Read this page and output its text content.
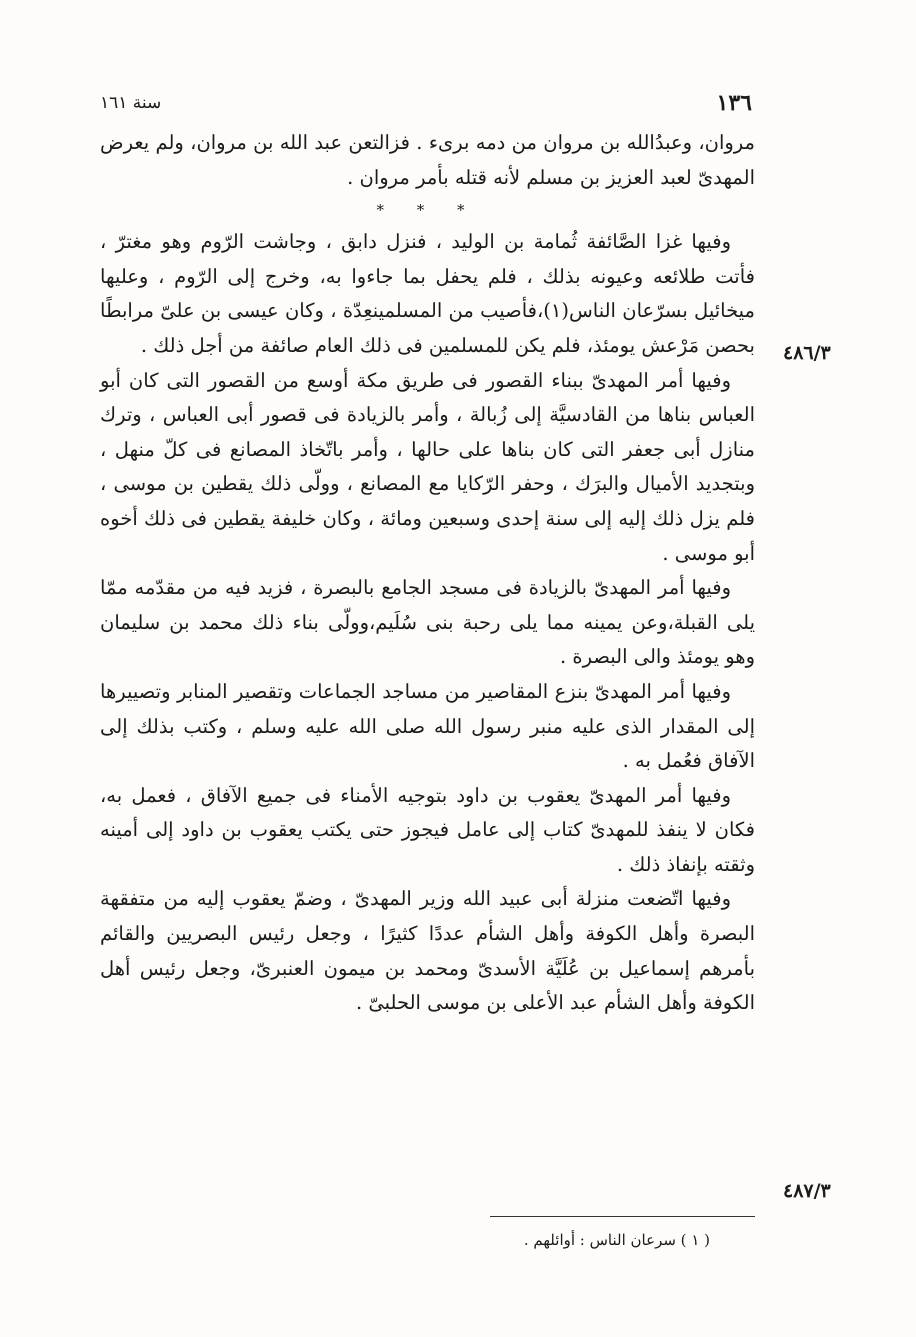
١٣٦
سنة ١٦١

مروان، وعبدُالله بن مروان من دمه برىء . فزالتعن عبد الله بن مروان، ولم يعرض المهدىّ لعبد العزيز بن مسلم لأنه قتله بأمر مروان .

* * *

وفيها غزا الصَّائفة ثُمامة بن الوليد ، فنزل دابق ، وجاشت الرّوم وهو مغترّ ، فأتت طلائعه وعيونه بذلك ، فلم يحفل بما جاءوا به، وخرج إلى الرّوم ، وعليها ميخائيل بسرّعان الناس(١)،فأصيب من المسلمينعِدّة ، وكان عيسى بن علىّ مرابطًا بحصن مَرْعش يومئذ، فلم يكن للمسلمين فى ذلك العام صائفة من أجل ذلك .

وفيها أمر المهدىّ ببناء القصور فى طريق مكة أوسع من القصور التى كان أبو العباس بناها من القادسيَّة إلى زُبالة ، وأمر بالزيادة فى قصور أبى العباس ، وترك منازل أبى جعفر التى كان بناها على حالها ، وأمر باتّخاذ المصانع فى كلّ منهل ، وبتجديد الأميال والبرَك ، وحفر الرّكايا مع المصانع ، وولّى ذلك يقطين بن موسى ، فلم يزل ذلك إليه إلى سنة إحدى وسبعين ومائة ، وكان خليفة يقطين فى ذلك أخوه أبو موسى .

وفيها أمر المهدىّ بالزيادة فى مسجد الجامع بالبصرة ، فزيد فيه من مقدّمه ممّا يلى القبلة،وعن يمينه مما يلى رحبة بنى سُلَيم،وولّى بناء ذلك محمد بن سليمان وهو يومئذ والى البصرة .

وفيها أمر المهدىّ بنزع المقاصير من مساجد الجماعات وتقصير المنابر وتصييرها إلى المقدار الذى عليه منبر رسول الله صلى الله عليه وسلم ، وكتب بذلك إلى الآفاق فعُمل به .

وفيها أمر المهدىّ يعقوب بن داود بتوجيه الأمناء فى جميع الآفاق ، فعمل به، فكان لا ينفذ للمهدىّ كتاب إلى عامل فيجوز حتى يكتب يعقوب بن داود إلى أمينه وثقته بإنفاذ ذلك .

وفيها اتّضعت منزلة أبى عبيد الله وزير المهدىّ ، وضمّ يعقوب إليه من متفقهة البصرة وأهل الكوفة وأهل الشأم عددًا كثيرًا ، وجعل رئيس البصريين والقائم بأمرهم إسماعيل بن عُلَيَّة الأسدىّ ومحمد بن ميمون العنبرىّ، وجعل رئيس أهل الكوفة وأهل الشأم عبد الأعلى بن موسى الحلبىّ .

٤٨٦/٣
٤٨٧/٣
( ١ ) سرعان الناس : أوائلهم .
